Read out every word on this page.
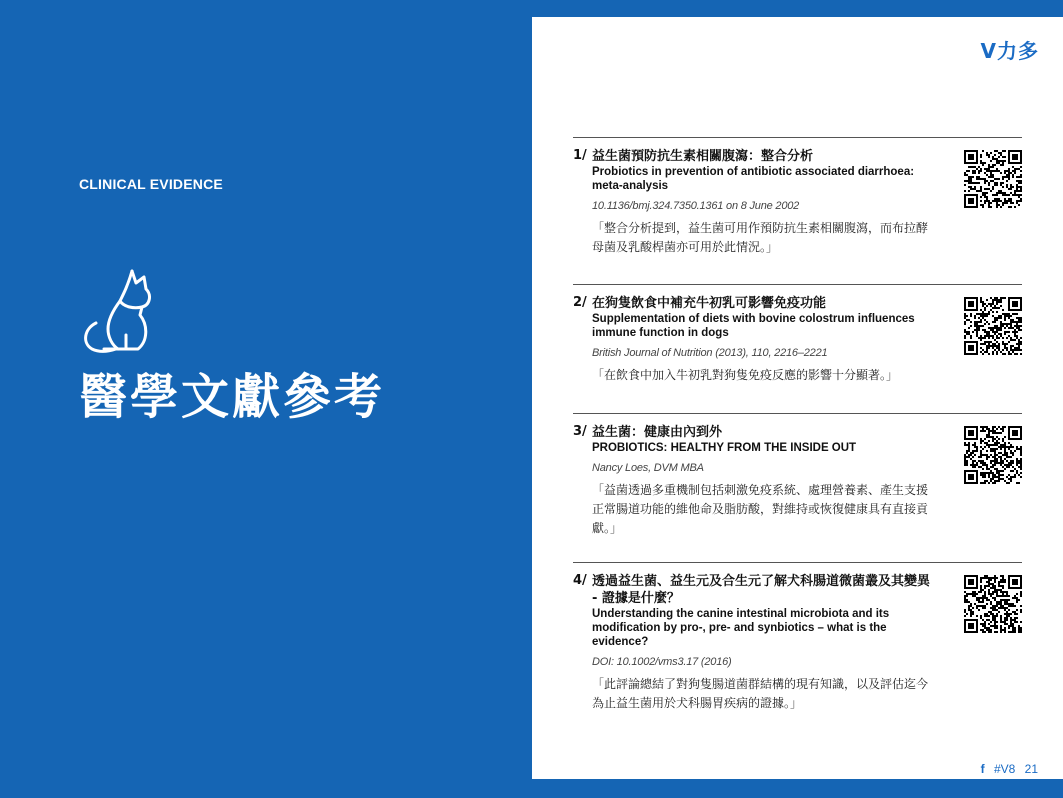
CLINICAL EVIDENCE
醫學文獻參考
V力多
1/ 益生菌預防抗生素相關腹瀉：整合分析
Probiotics in prevention of antibiotic associated diarrhoea: meta-analysis
10.1136/bmj.324.7350.1361 on 8 June 2002
「整合分析提到，益生菌可用作預防抗生素相關腹瀉，而布拉酵母菌及乳酸桿菌亦可用於此情況。」
2/ 在狗隻飲食中補充牛初乳可影響免疫功能
Supplementation of diets with bovine colostrum influences immune function in dogs
British Journal of Nutrition (2013), 110, 2216–2221
「在飲食中加入牛初乳對狗隻免疫反應的影響十分顯著。」
3/ 益生菌：健康由內到外
PROBIOTICS: HEALTHY FROM THE INSIDE OUT
Nancy Loes, DVM MBA
「益菌透過多重機制包括刺激免疫系統、處理營養素、產生支援正常腸道功能的維他命及脂肪酸，對維持或恢復健康具有直接貢獻。」
4/ 透過益生菌、益生元及合生元了解犬科腸道微菌叢及其變異 - 證據是什麼？
Understanding the canine intestinal microbiota and its modification by pro-, pre- and synbiotics – what is the evidence?
DOI: 10.1002/vms3.17 (2016)
「此評論總結了對狗隻腸道菌群結構的現有知識，以及評估迄今為止益生菌用於犬科腸胃疾病的證據。」
f #V8 21
